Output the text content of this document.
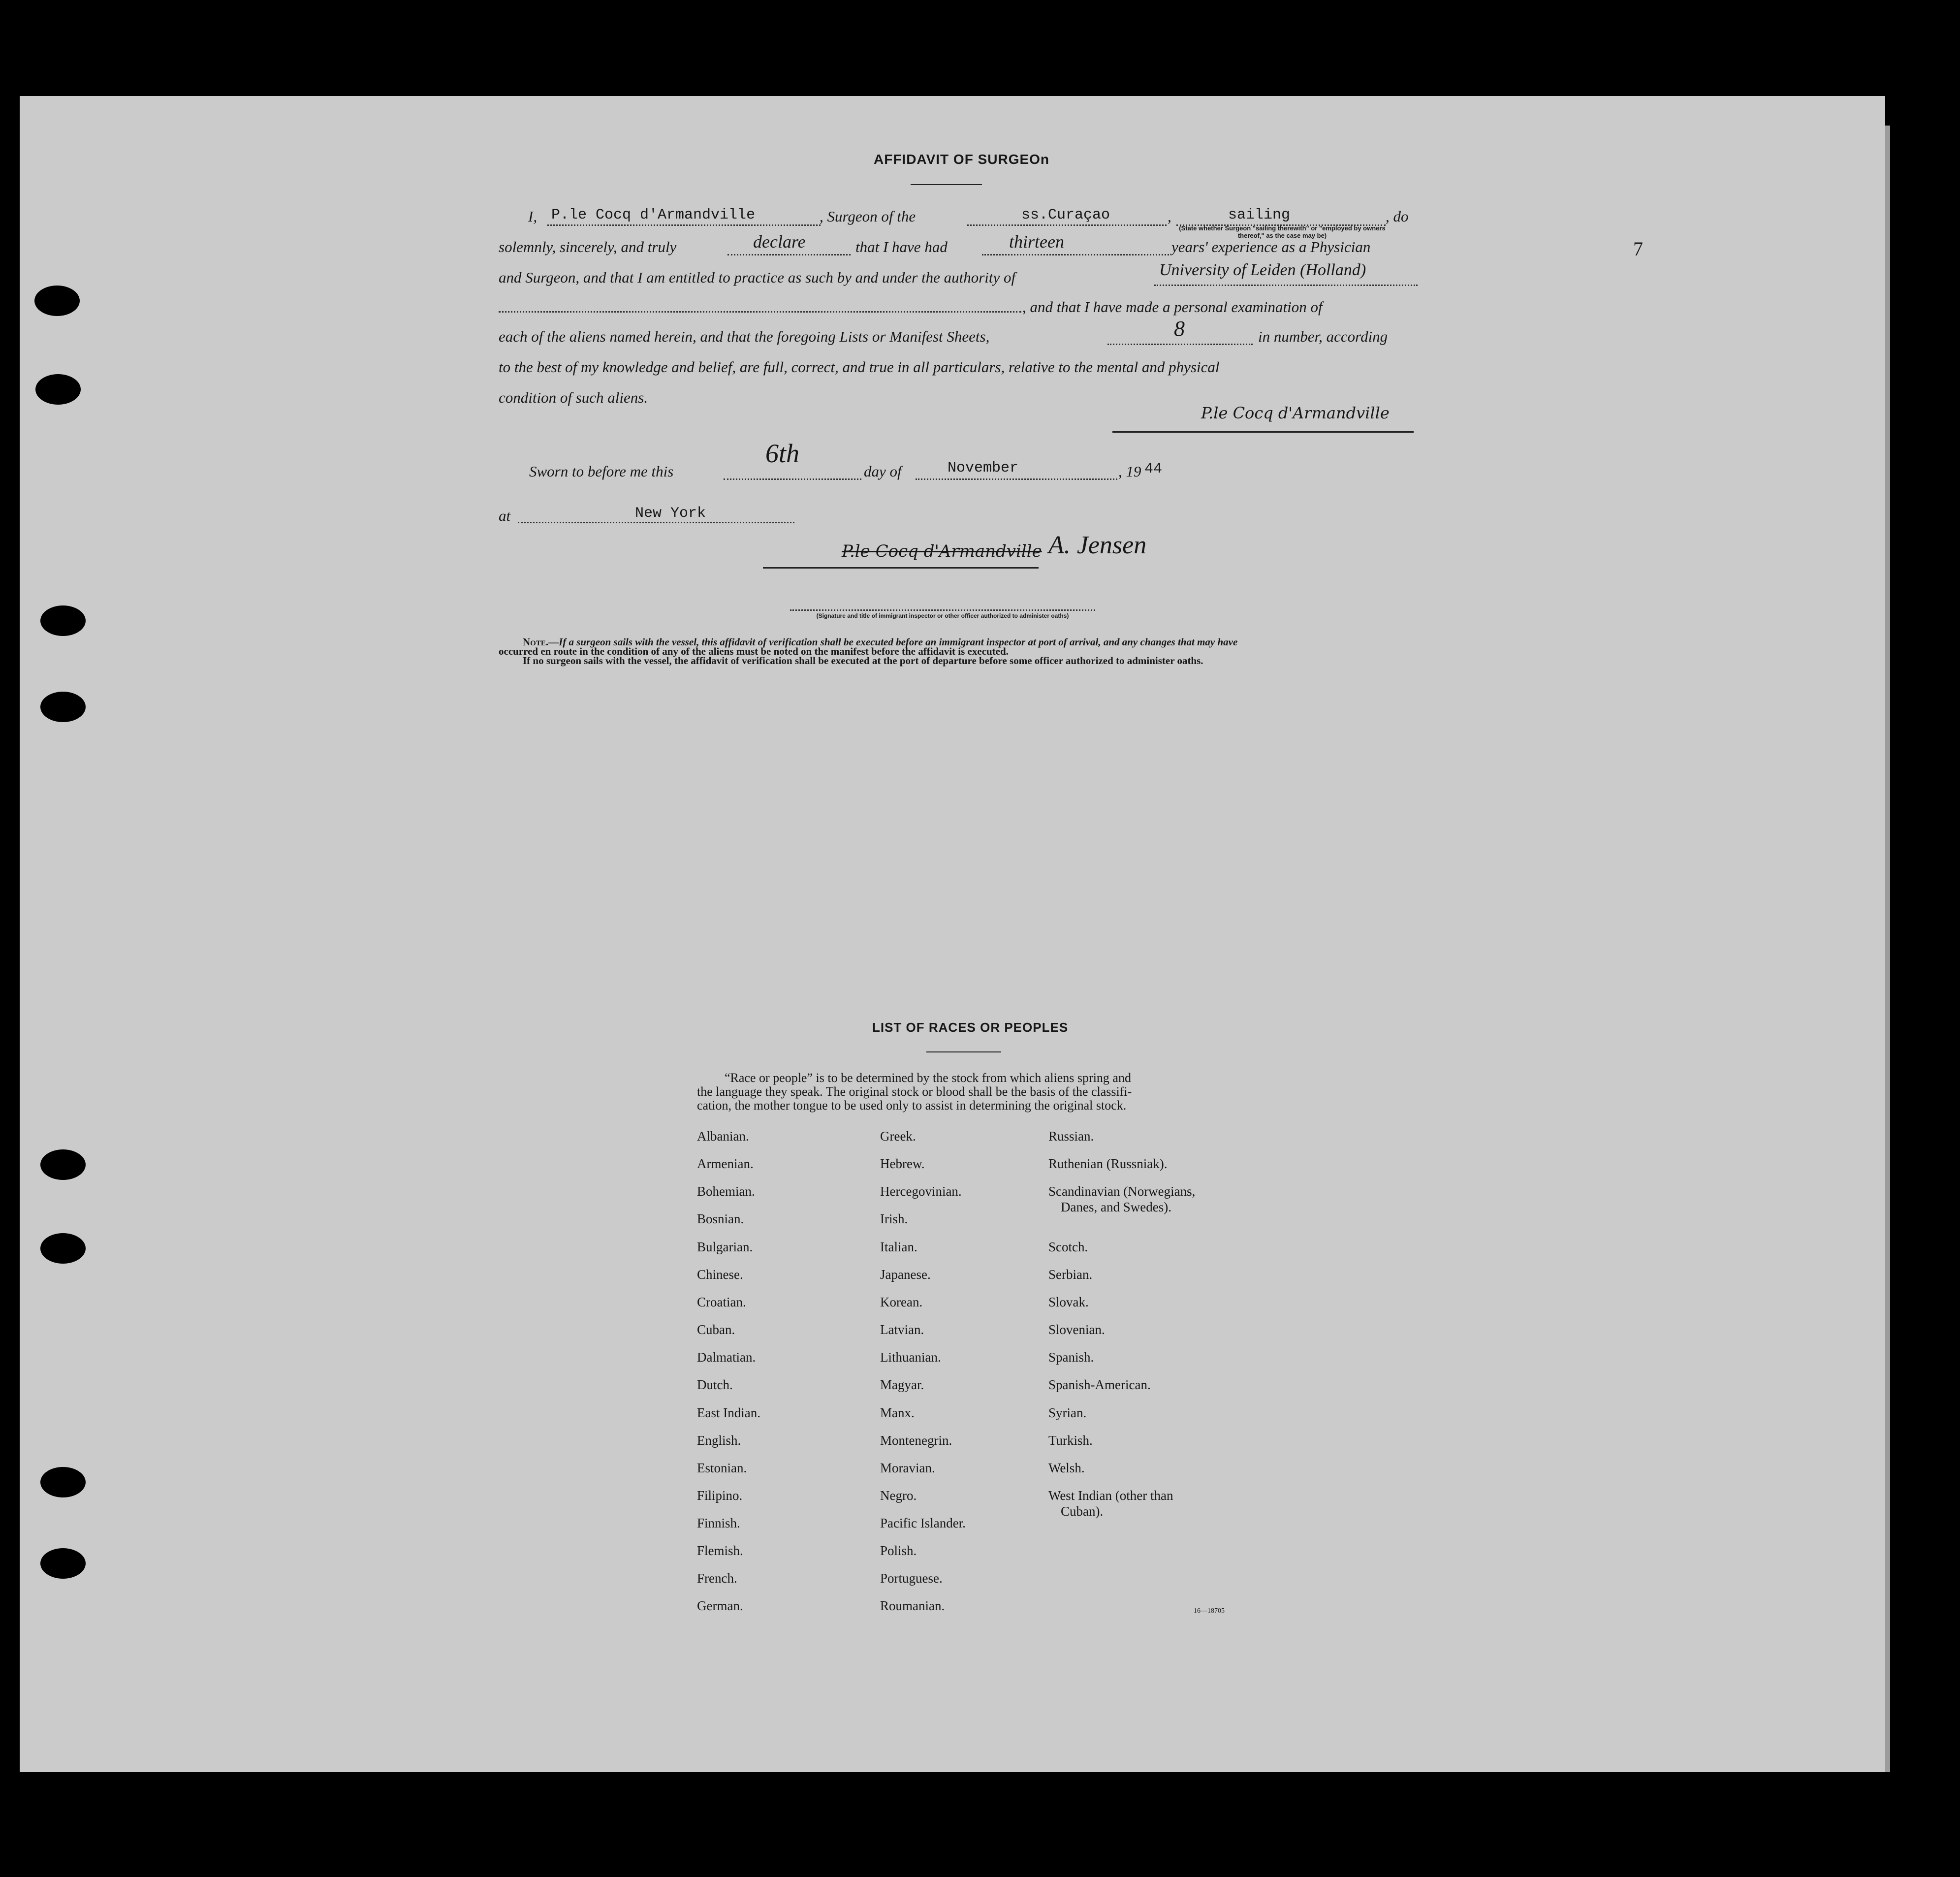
7
AFFIDAVIT OF SURGEOn
I, P.le Cocq d'Armandville	, Surgeon of the	ss.Curaçao	,	sailing	, do
(State whether Surgeon "sailing therewith" or "employed by owners thereof," as the case may be)
solemnly, sincerely, and truly	declare	that I have had	thirteen	years' experience as a Physician
and Surgeon, and that I am entitled to practice as such by and under the authority of	University of Leiden (Holland)
, and that I have made a personal examination of
each of the aliens named herein, and that the foregoing Lists or Manifest Sheets,	8	in number, according
to the best of my knowledge and belief, are full, correct, and true in all particulars, relative to the mental and physical
condition of such aliens.
P.le Cocq d'Armandville
Sworn to before me this
6th
day of	November	, 19 44
at	New York
P.le Cocq d'Armandville A. Jensen
(Signature and title of immigrant inspector or other officer authorized to administer oaths)
Note.—If a surgeon sails with the vessel, this affidavit of verification shall be executed before an immigrant inspector at port of arrival, and any changes that may have
occurred en route in the condition of any of the aliens must be noted on the manifest before the affidavit is executed.
If no surgeon sails with the vessel, the affidavit of verification shall be executed at the port of departure before some officer authorized to administer oaths.
LIST OF RACES OR PEOPLES
“Race or people” is to be determined by the stock from which aliens spring and
the language they speak. The original stock or blood shall be the basis of the classifi-
cation, the mother tongue to be used only to assist in determining the original stock.
Albanian.
Armenian.
Bohemian.
Bosnian.
Bulgarian.
Chinese.
Croatian.
Cuban.
Dalmatian.
Dutch.
East Indian.
English.
Estonian.
Filipino.
Finnish.
Flemish.
French.
German.
Greek.
Hebrew.
Hercegovinian.
Irish.
Italian.
Japanese.
Korean.
Latvian.
Lithuanian.
Magyar.
Manx.
Montenegrin.
Moravian.
Negro.
Pacific Islander.
Polish.
Portuguese.
Roumanian.
Russian.
Ruthenian (Russniak).
Scandinavian (Norwegians,
Danes, and Swedes).
Scotch.
Serbian.
Slovak.
Slovenian.
Spanish.
Spanish-American.
Syrian.
Turkish.
Welsh.
West Indian (other than
Cuban).
16—18705
